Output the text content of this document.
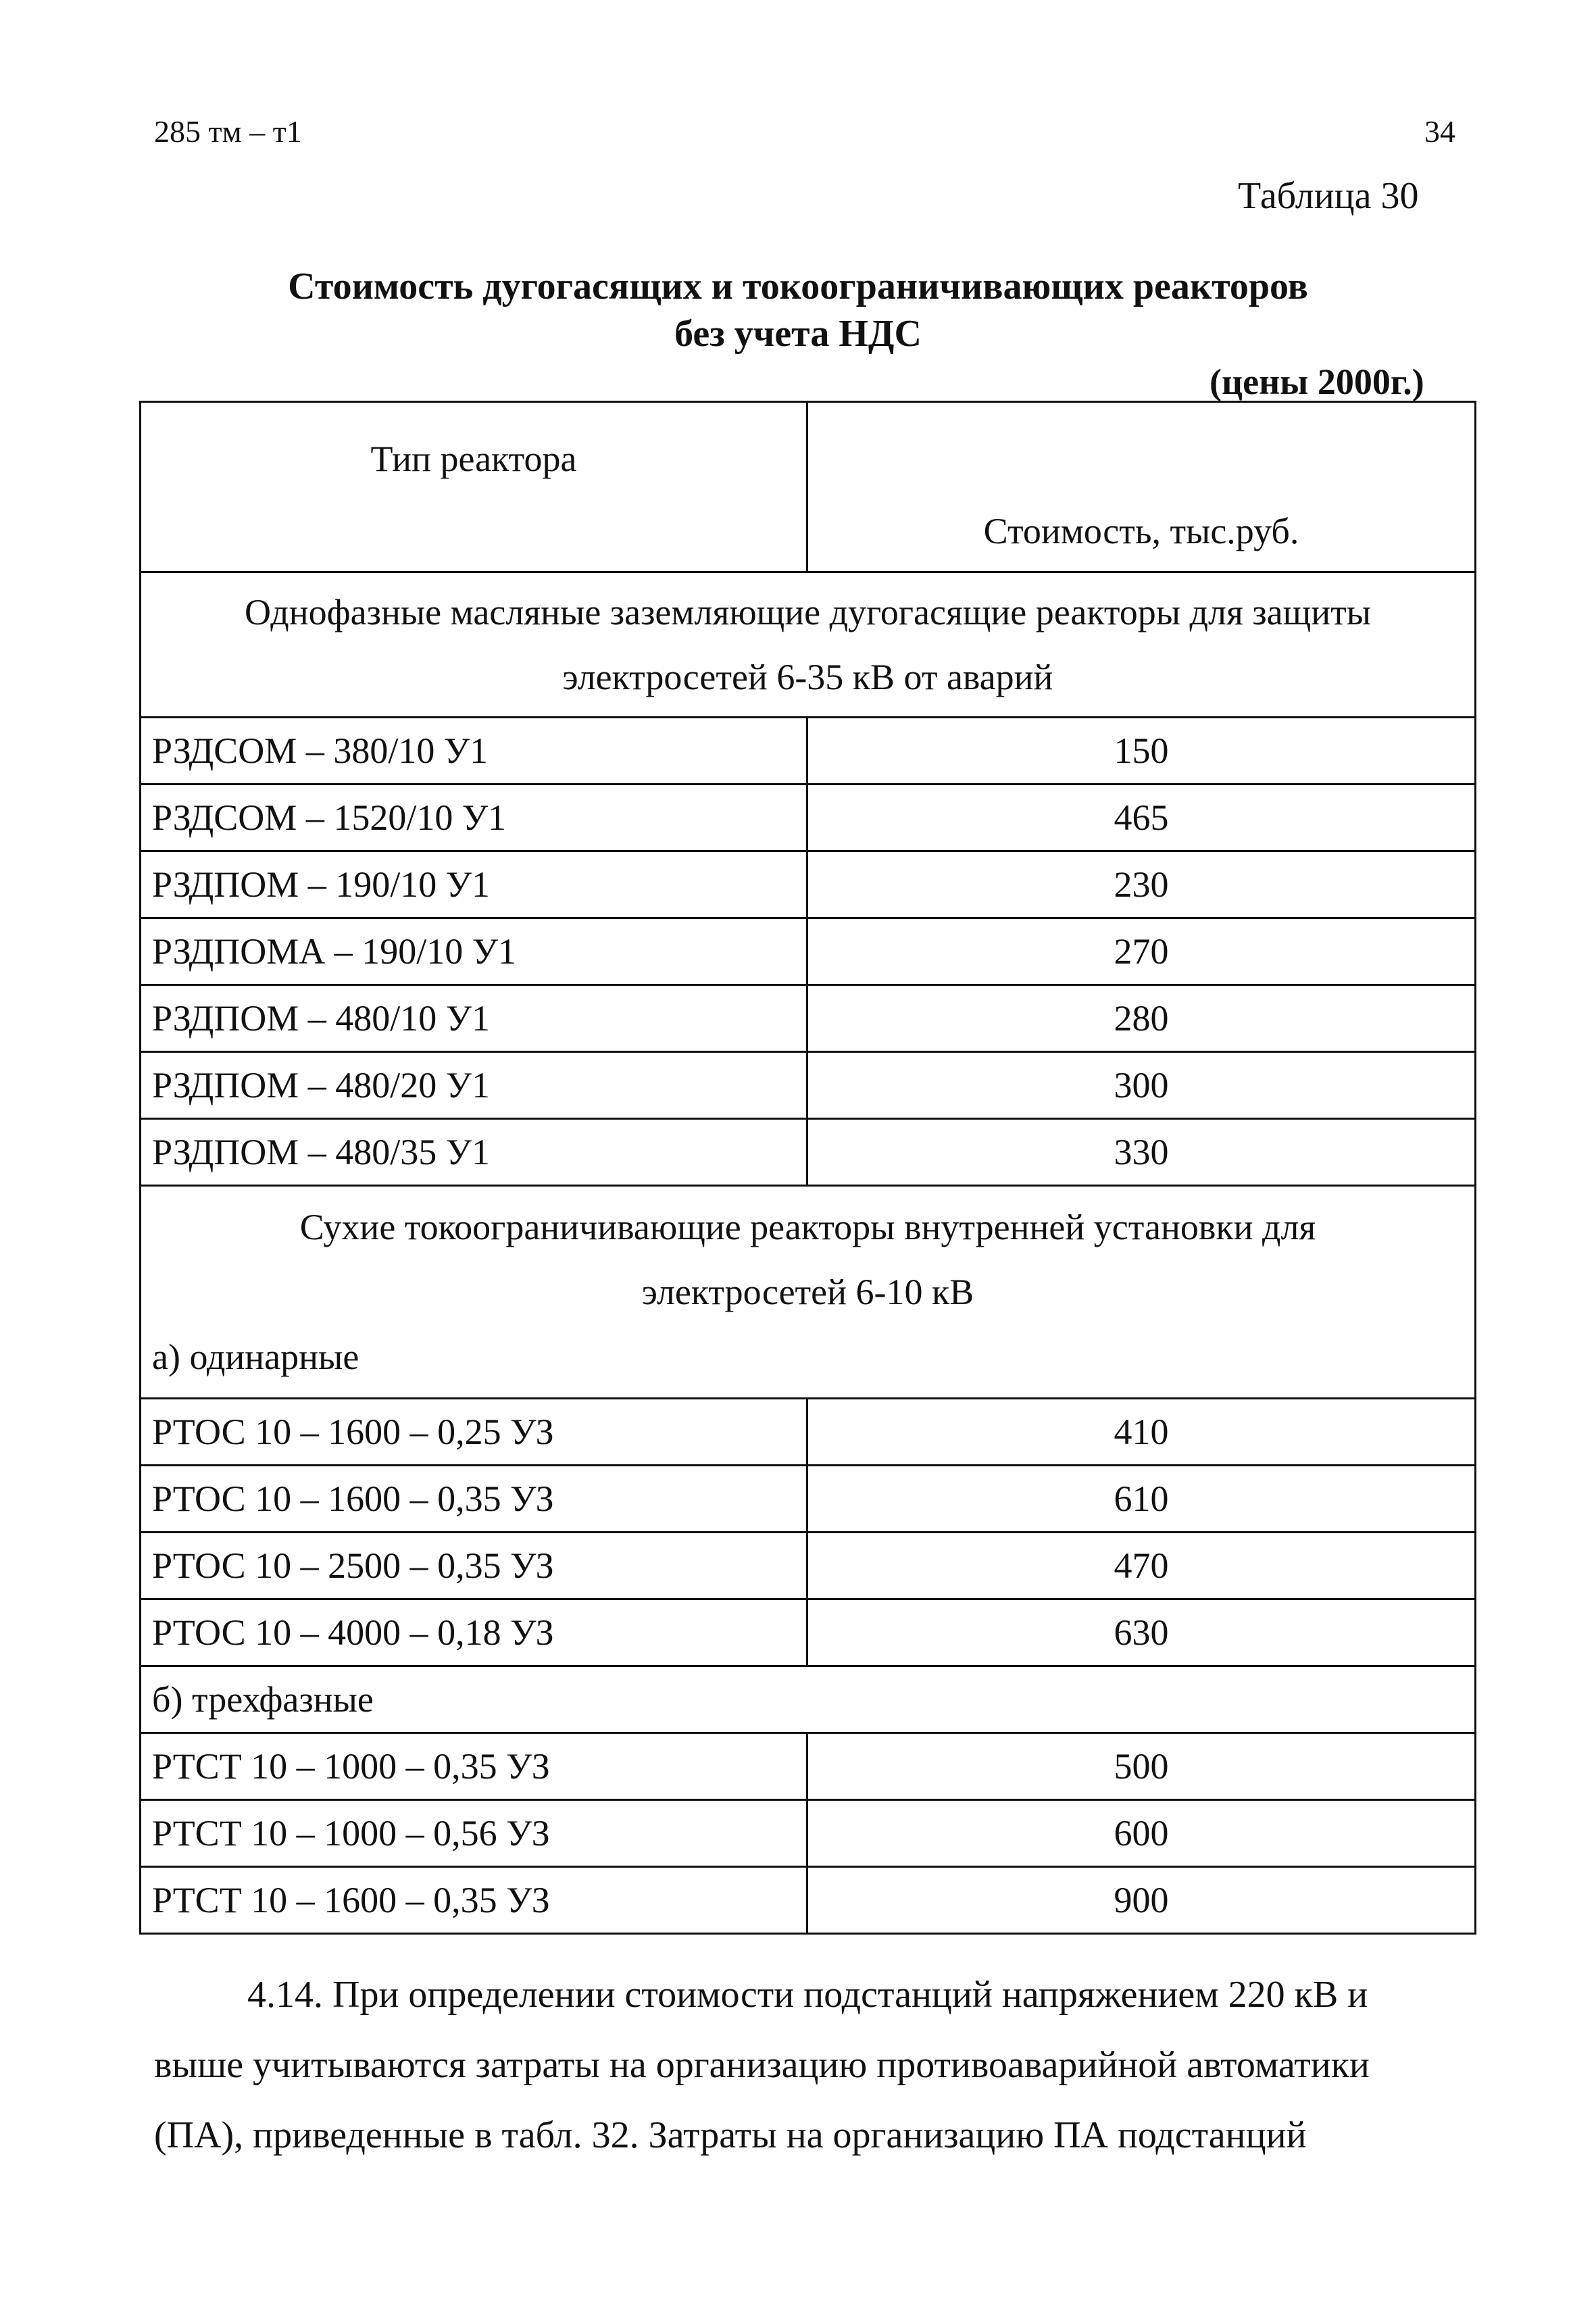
285 тм – т1	34
Таблица 30
Стоимость дугогасящих и токоограничивающих реакторов
без учета НДС
(цены 2000г.)
Тип реактора	Стоимость, тыс.руб.

Однофазные масляные заземляющие дугогасящие реакторы для защиты
электросетей 6-35 кВ от аварий	

РЗДСОМ – 380/10 У1	150
РЗДСОМ – 1520/10 У1	465
РЗДПОМ – 190/10 У1	230
РЗДПОМА – 190/10 У1	270
РЗДПОМ – 480/10 У1	280
РЗДПОМ – 480/20 У1	300
РЗДПОМ – 480/35 У1	330

Сухие токоограничивающие реакторы внутренней установки для
электросетей 6-10 кВ
а) одинарные	

РТОС 10 – 1600 – 0,25 УЗ	410
РТОС 10 – 1600 – 0,35 УЗ	610
РТОС 10 – 2500 – 0,35 УЗ	470
РТОС 10 – 4000 – 0,18 УЗ	630
б) трехфазные	
РТСТ 10 – 1000 – 0,35 УЗ	500
РТСТ 10 – 1000 – 0,56 УЗ	600
РТСТ 10 – 1600 – 0,35 УЗ	900
4.14. При определении стоимости подстанций напряжением 220 кВ и
выше учитываются затраты на организацию противоаварийной автоматики
(ПА), приведенные в табл. 32. Затраты на организацию ПА подстанций
